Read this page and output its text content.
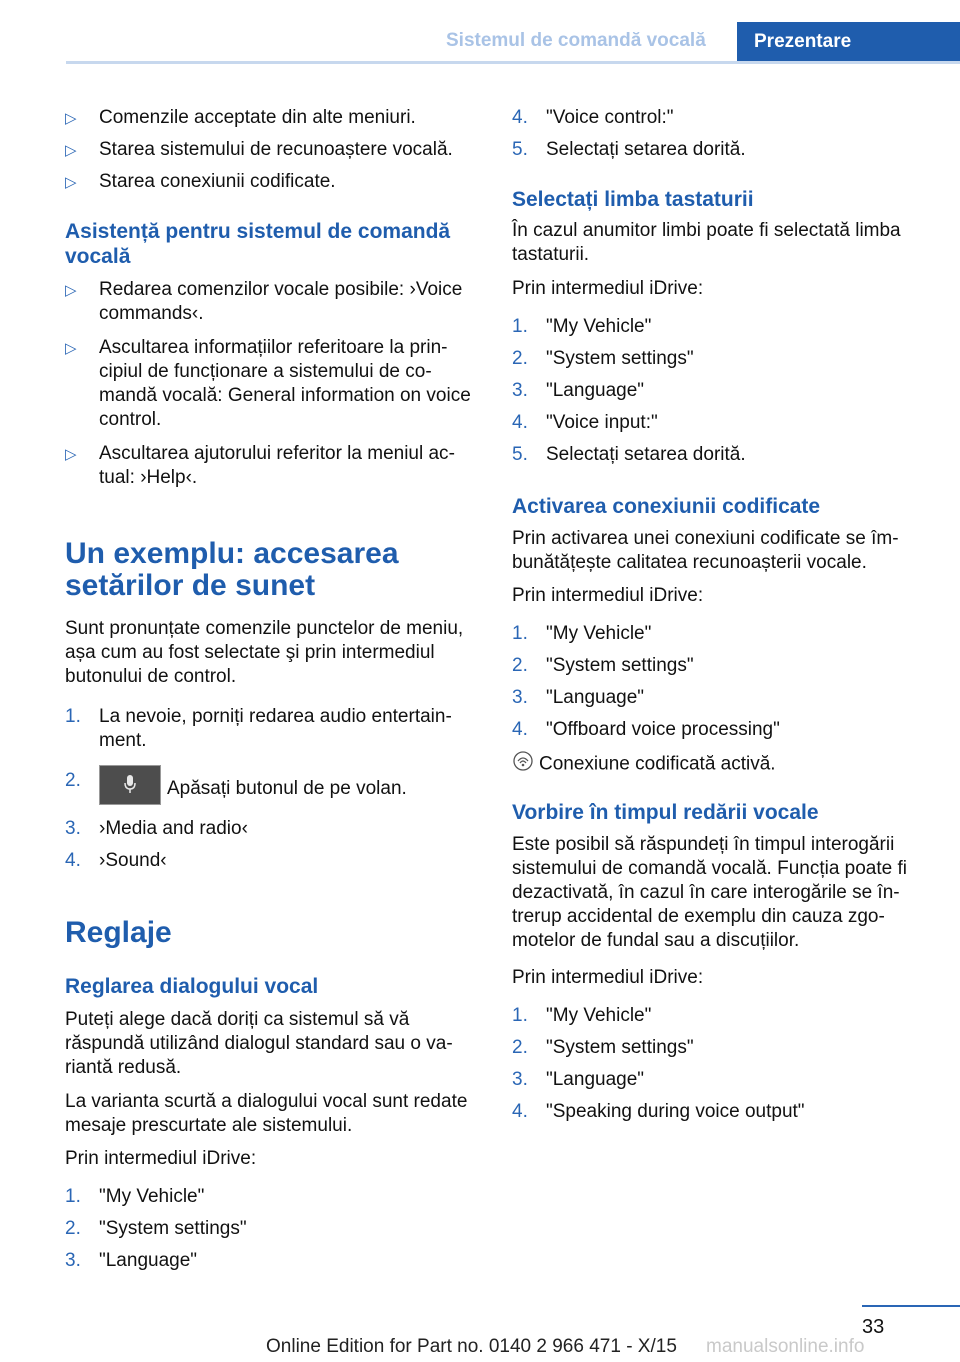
Sistemul de comandă vocală	Prezentare
▷ Comenzile acceptate din alte meniuri.
▷ Starea sistemului de recunoaștere vocală.
▷ Starea conexiunii codificate.
Asistență pentru sistemul de comandă vocală
▷ Redarea comenzilor vocale posibile: ›Voice commands‹.
▷ Ascultarea informațiilor referitoare la principiul de funcționare a sistemului de comandă vocală: General information on voice control.
▷ Ascultarea ajutorului referitor la meniul actual: ›Help‹.
Un exemplu: accesarea setărilor de sunet

Sunt pronunțate comenzile punctelor de meniu, așa cum au fost selectate şi prin intermediul butonului de control.

1. La nevoie, porniți redarea audio entertainment.
2.	Apăsați butonul de pe volan.
3. ›Media and radio‹
4. ›Sound‹
Reglaje
Reglarea dialogului vocal

Puteți alege dacă doriți ca sistemul să vă răspundă utilizând dialogul standard sau o variantă redusă.

La varianta scurtă a dialogului vocal sunt redate mesaje prescurtate ale sistemului.

Prin intermediul iDrive:

1. "My Vehicle"
2. "System settings"
3. "Language"
4. "Voice control:"
5. Selectați setarea dorită.
Selectați limba tastaturii

În cazul anumitor limbi poate fi selectată limba tastaturii.

Prin intermediul iDrive:

1. "My Vehicle"
2. "System settings"
3. "Language"
4. "Voice input:"
5. Selectați setarea dorită.
Activarea conexiunii codificate

Prin activarea unei conexiuni codificate se îmbunătățește calitatea recunoașterii vocale.

Prin intermediul iDrive:

1. "My Vehicle"
2. "System settings"
3. "Language"
4. "Offboard voice processing"
Conexiune codificată activă.
Vorbire în timpul redării vocale

Este posibil să răspundeți în timpul interogării sistemului de comandă vocală. Funcția poate fi dezactivată, în cazul în care interogările se întrerup accidental de exemplu din cauza zgomotelor de fundal sau a discuțiilor.

Prin intermediul iDrive:

1. "My Vehicle"
2. "System settings"
3. "Language"
4. "Speaking during voice output"
33
Online Edition for Part no. 0140 2 966 471 - X/15 manualsonline.info
